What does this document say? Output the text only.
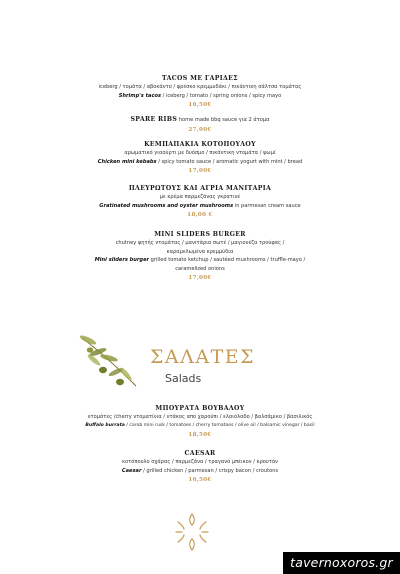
TACOS ΜΕ ΓΑΡΙΔΕΣ
iceberg / τομάτα / αβοκάντο / φρέσκο κρεμμυδάκι / πικάντικη σάλτσα τομάτας
Shrimp's tacos / iceberg / tomato / spring onions / spicy mayo
16,50€
SPARE RIBS home made bbq sauce για 2 άτομα
27,00€
ΚΕΜΠΑΠΑΚΙΑ ΚΟΤΟΠΟΥΛΟΥ
αρωματικό γιαούρτι με δυόσμο / πικάντικη ντομάτα / ψωμί
Chicken mini kebabs / spicy tomato sauce / aromatic yogurt with mint / bread
17,00€
ΠΛΕΥΡΩΤΟΥΣ ΚΑΙ ΑΓΡΙΑ ΜΑΝΙΤΑΡΙΑ
με κρέμα παρμεζάνας γκρατινέ
Gratinated mushrooms and oyster mushrooms in parmesan cream sauce
18,00 €
MINI SLIDERS BURGER
chutney ψητής ντομάτας / μανιτάρια σωτέ / μαγιονέζα τρούφας /
καραμελωμένα κρεμμύδια
Mini sliders burger grilled tomato ketchup / sautéed mushrooms / truffle-mayo /
caramelized onions
17,00€
ΣΑΛΑΤΕΣ
Salads
ΜΠΟΥΡΑΤΑ ΒΟΥΒΑΛΟΥ
ντομάτες /cherry ντοματίνια / ντάκος απο χαρούπι / ελαιόλαδο / βαλσάμικο / βασιλικός
Buffalo burrata / carob mini rusk / tomatoes / cherry tomatoes / olive oil / balsamic vinegar / basil
18,50€
CAESAR
κοτόπουλο σχάρας / παρμεζάνα / τραγανό μπέικον / κρουτόν
Caesar / grilled chicken / parmesan / crispy bacon / croutons
16,50€
tavernoxoros.gr
